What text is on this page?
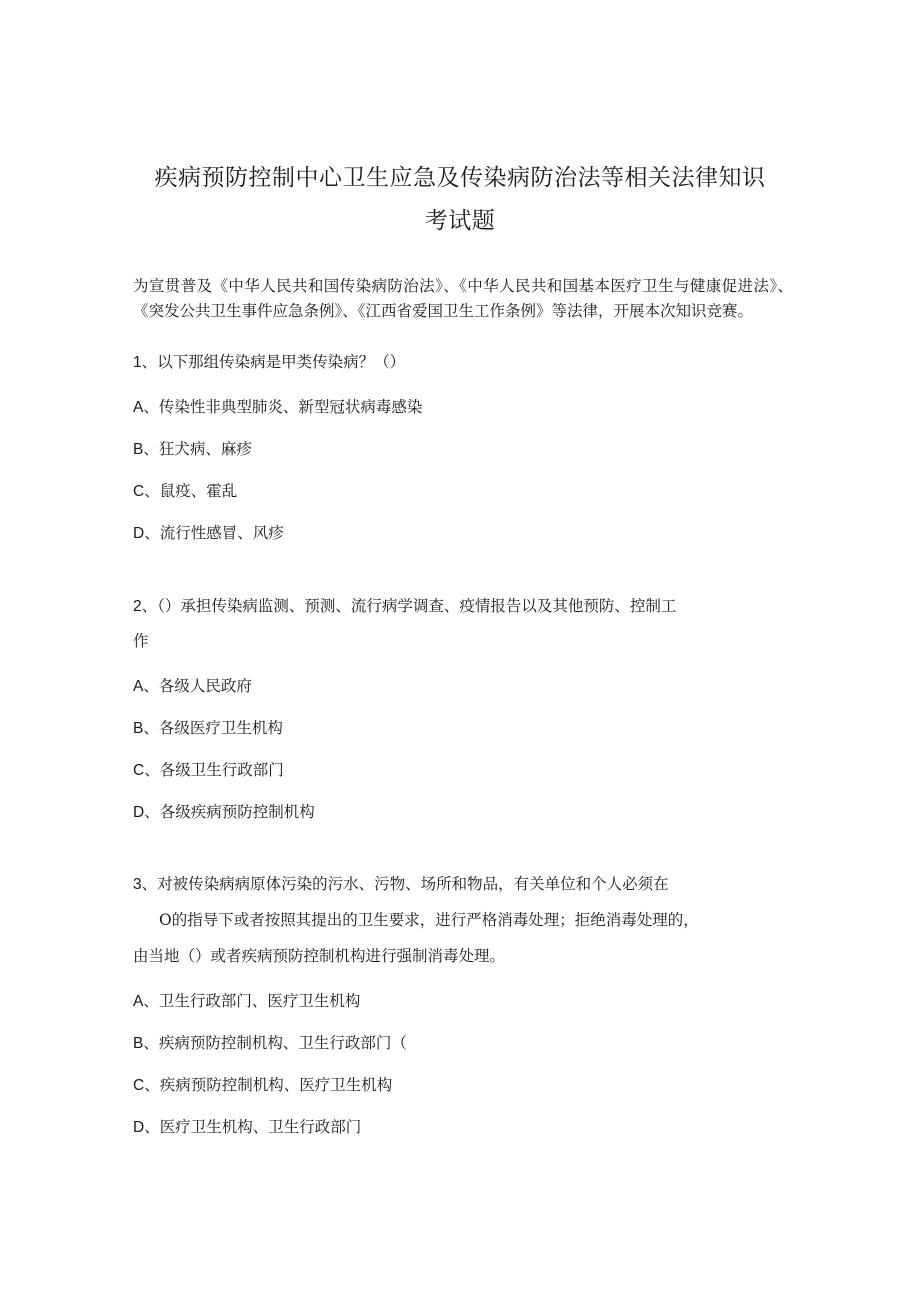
疾病预防控制中心卫生应急及传染病防治法等相关法律知识
考试题
为宣贯普及《中华人民共和国传染病防治法》、《中华人民共和国基本医疗卫生与健康促进法》、《突发公共卫生事件应急条例》、《江西省爱国卫生工作条例》等法律，开展本次知识竞赛。
1、以下那组传染病是甲类传染病？（）
A、传染性非典型肺炎、新型冠状病毒感染
B、狂犬病、麻疹
C、鼠疫、霍乱
D、流行性感冒、风疹
2、（）承担传染病监测、预测、流行病学调查、疫情报告以及其他预防、控制工
作
A、各级人民政府
B、各级医疗卫生机构
C、各级卫生行政部门
D、各级疾病预防控制机构
3、对被传染病病原体污染的污水、污物、场所和物品，有关单位和个人必须在
O的指导下或者按照其提出的卫生要求，进行严格消毒处理；拒绝消毒处理的，
由当地（）或者疾病预防控制机构进行强制消毒处理。
A、卫生行政部门、医疗卫生机构
B、疾病预防控制机构、卫生行政部门（
C、疾病预防控制机构、医疗卫生机构
D、医疗卫生机构、卫生行政部门
